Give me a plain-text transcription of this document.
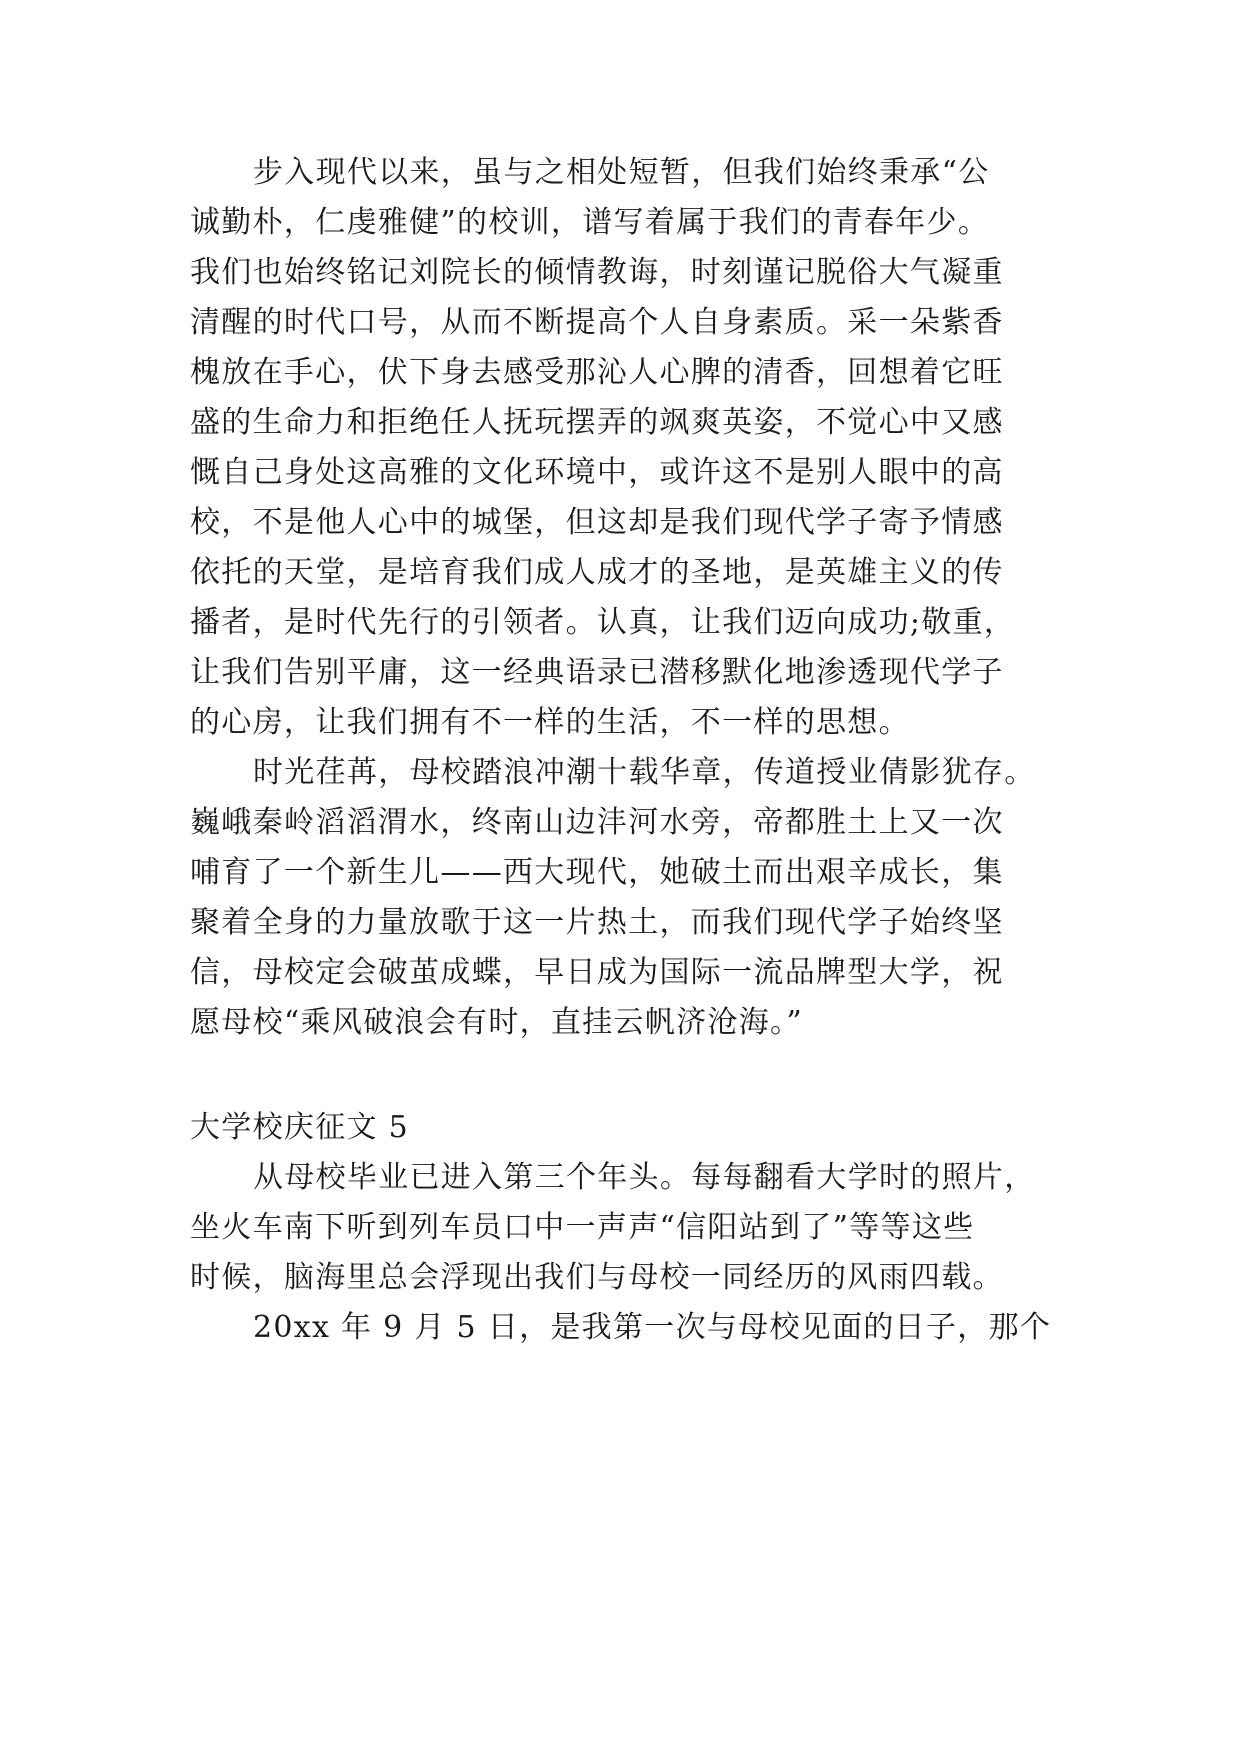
步入现代以来，虽与之相处短暂，但我们始终秉承“公
诚勤朴，仁虔雅健”的校训，谱写着属于我们的青春年少。
我们也始终铭记刘院长的倾情教诲，时刻谨记脱俗大气凝重
清醒的时代口号，从而不断提高个人自身素质。采一朵紫香
槐放在手心，伏下身去感受那沁人心脾的清香，回想着它旺
盛的生命力和拒绝任人抚玩摆弄的飒爽英姿，不觉心中又感
慨自己身处这高雅的文化环境中，或许这不是别人眼中的高
校，不是他人心中的城堡，但这却是我们现代学子寄予情感
依托的天堂，是培育我们成人成才的圣地，是英雄主义的传
播者，是时代先行的引领者。认真，让我们迈向成功;敬重，
让我们告别平庸，这一经典语录已潜移默化地渗透现代学子
的心房，让我们拥有不一样的生活，不一样的思想。
时光荏苒，母校踏浪冲潮十载华章，传道授业倩影犹存。
巍峨秦岭滔滔渭水，终南山边沣河水旁，帝都胜土上又一次
哺育了一个新生儿——西大现代，她破土而出艰辛成长，集
聚着全身的力量放歌于这一片热土，而我们现代学子始终坚
信，母校定会破茧成蝶，早日成为国际一流品牌型大学，祝
愿母校“乘风破浪会有时，直挂云帆济沧海。”
大学校庆征文 5
从母校毕业已进入第三个年头。每每翻看大学时的照片，
坐火车南下听到列车员口中一声声“信阳站到了”等等这些
时候，脑海里总会浮现出我们与母校一同经历的风雨四载。
20xx 年 9 月 5 日，是我第一次与母校见面的日子，那个
